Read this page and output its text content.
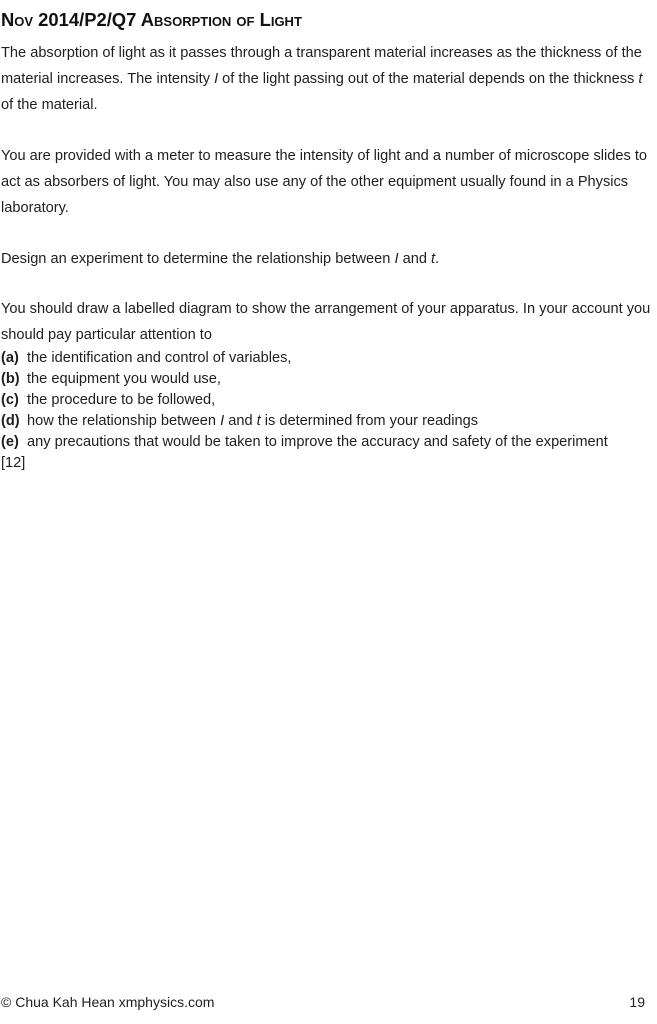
Nov 2014/P2/Q7 Absorption of Light
The absorption of light as it passes through a transparent material increases as the thickness of the
material increases. The intensity I of the light passing out of the material depends on the thickness t
of the material.
You are provided with a meter to measure the intensity of light and a number of microscope slides to
act as absorbers of light. You may also use any of the other equipment usually found in a Physics
laboratory.
Design an experiment to determine the relationship between I and t.
You should draw a labelled diagram to show the arrangement of your apparatus. In your account you
should pay particular attention to
(a) the identification and control of variables,
(b) the equipment you would use,
(c) the procedure to be followed,
(d) how the relationship between I and t is determined from your readings
(e) any precautions that would be taken to improve the accuracy and safety of the experiment
[12]
© Chua Kah Hean xmphysics.com	19
